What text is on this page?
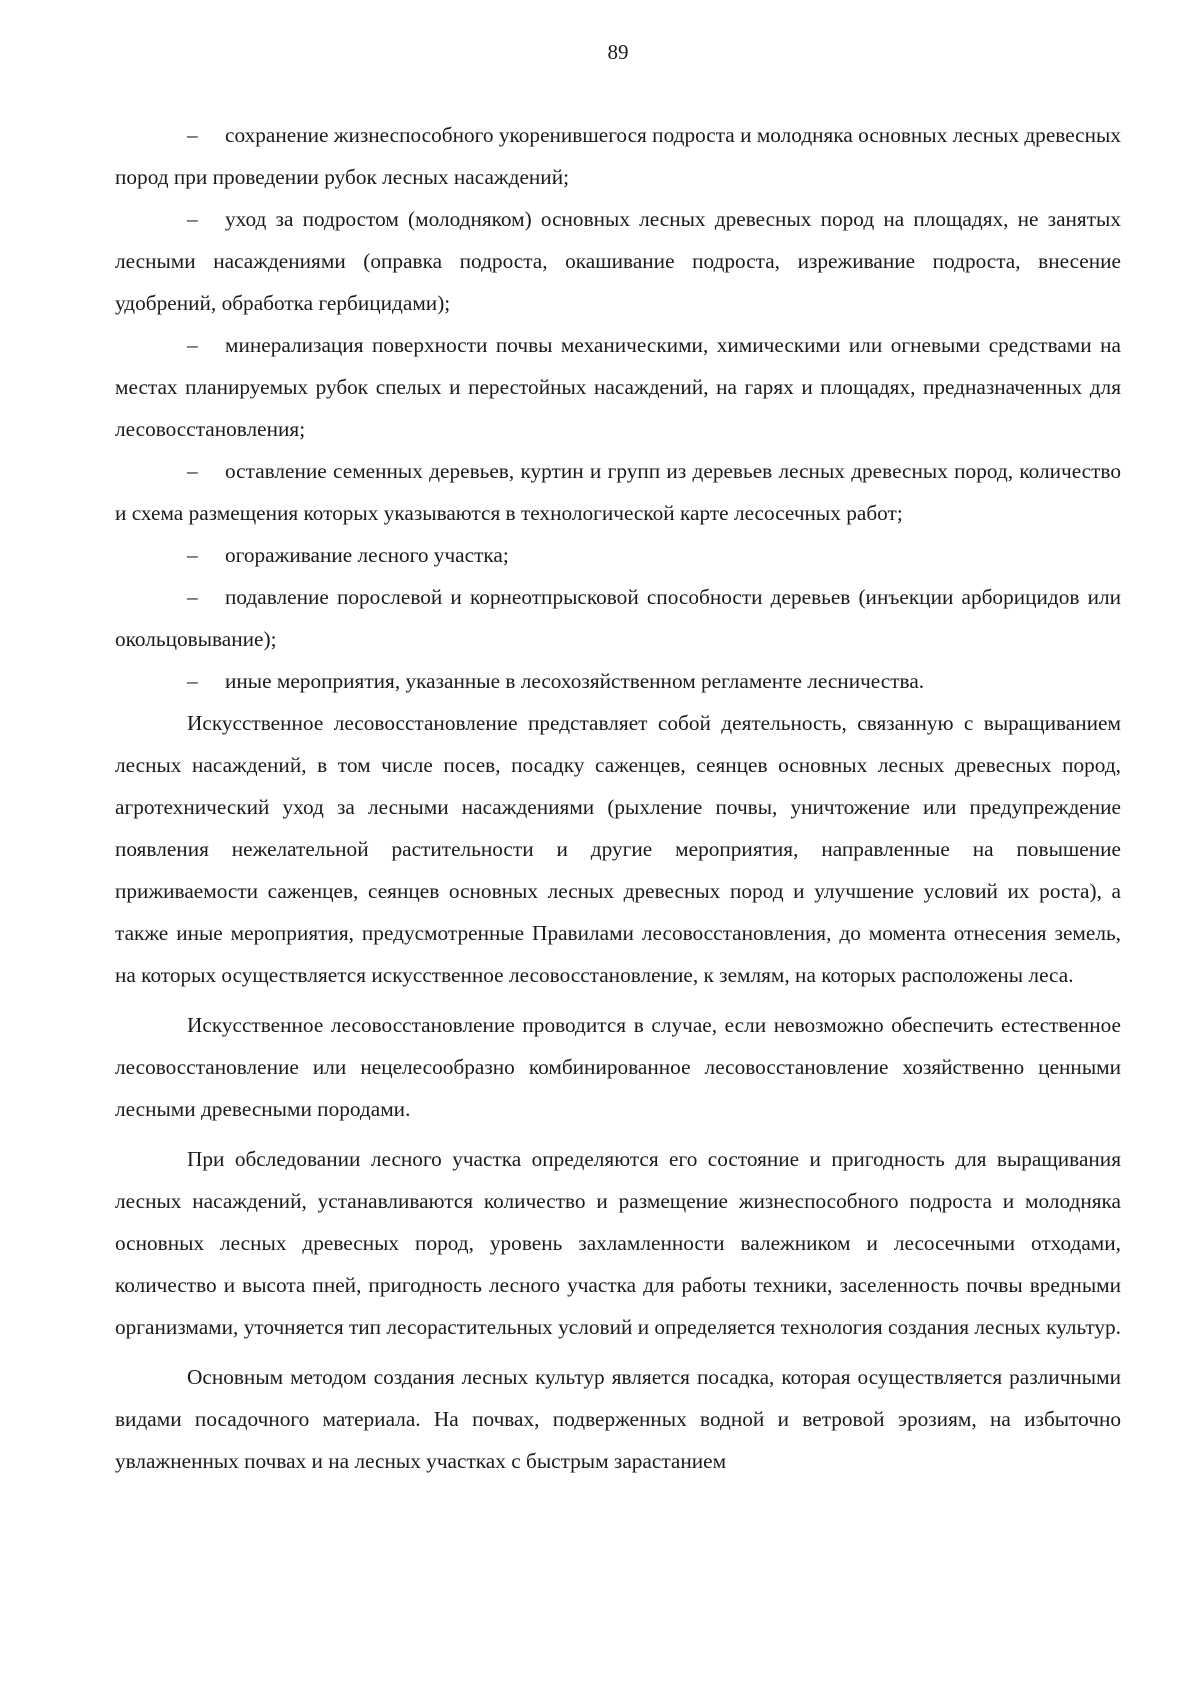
89

– сохранение жизнеспособного укоренившегося подроста и молодняка основных лесных древесных пород при проведении рубок лесных насаждений;

– уход за подростом (молодняком) основных лесных древесных пород на площадях, не занятых лесными насаждениями (оправка подроста, окашивание подроста, изреживание подроста, внесение удобрений, обработка гербицидами);

– минерализация поверхности почвы механическими, химическими или огневыми средствами на местах планируемых рубок спелых и перестойных насаждений, на гарях и площадях, предназначенных для лесовосстановления;

– оставление семенных деревьев, куртин и групп из деревьев лесных древесных пород, количество и схема размещения которых указываются в технологической карте лесосечных работ;

– огораживание лесного участка;

– подавление порослевой и корнеотпрысковой способности деревьев (инъекции арборицидов или окольцовывание);

– иные мероприятия, указанные в лесохозяйственном регламенте лесничества.

Искусственное лесовосстановление представляет собой деятельность, связанную с выращиванием лесных насаждений, в том числе посев, посадку саженцев, сеянцев основных лесных древесных пород, агротехнический уход за лесными насаждениями (рыхление почвы, уничтожение или предупреждение появления нежелательной растительности и другие мероприятия, направленные на повышение приживаемости саженцев, сеянцев основных лесных древесных пород и улучшение условий их роста), а также иные мероприятия, предусмотренные Правилами лесовосстановления, до момента отнесения земель, на которых осуществляется искусственное лесовосстановление, к землям, на которых расположены леса.

Искусственное лесовосстановление проводится в случае, если невозможно обеспечить естественное лесовосстановление или нецелесообразно комбинированное лесовосстановление хозяйственно ценными лесными древесными породами.

При обследовании лесного участка определяются его состояние и пригодность для выращивания лесных насаждений, устанавливаются количество и размещение жизнеспособного подроста и молодняка основных лесных древесных пород, уровень захламленности валежником и лесосечными отходами, количество и высота пней, пригодность лесного участка для работы техники, заселенность почвы вредными организмами, уточняется тип лесорастительных условий и определяется технология создания лесных культур.

Основным методом создания лесных культур является посадка, которая осуществляется различными видами посадочного материала. На почвах, подверженных водной и ветровой эрозиям, на избыточно увлажненных почвах и на лесных участках с быстрым зарастанием
